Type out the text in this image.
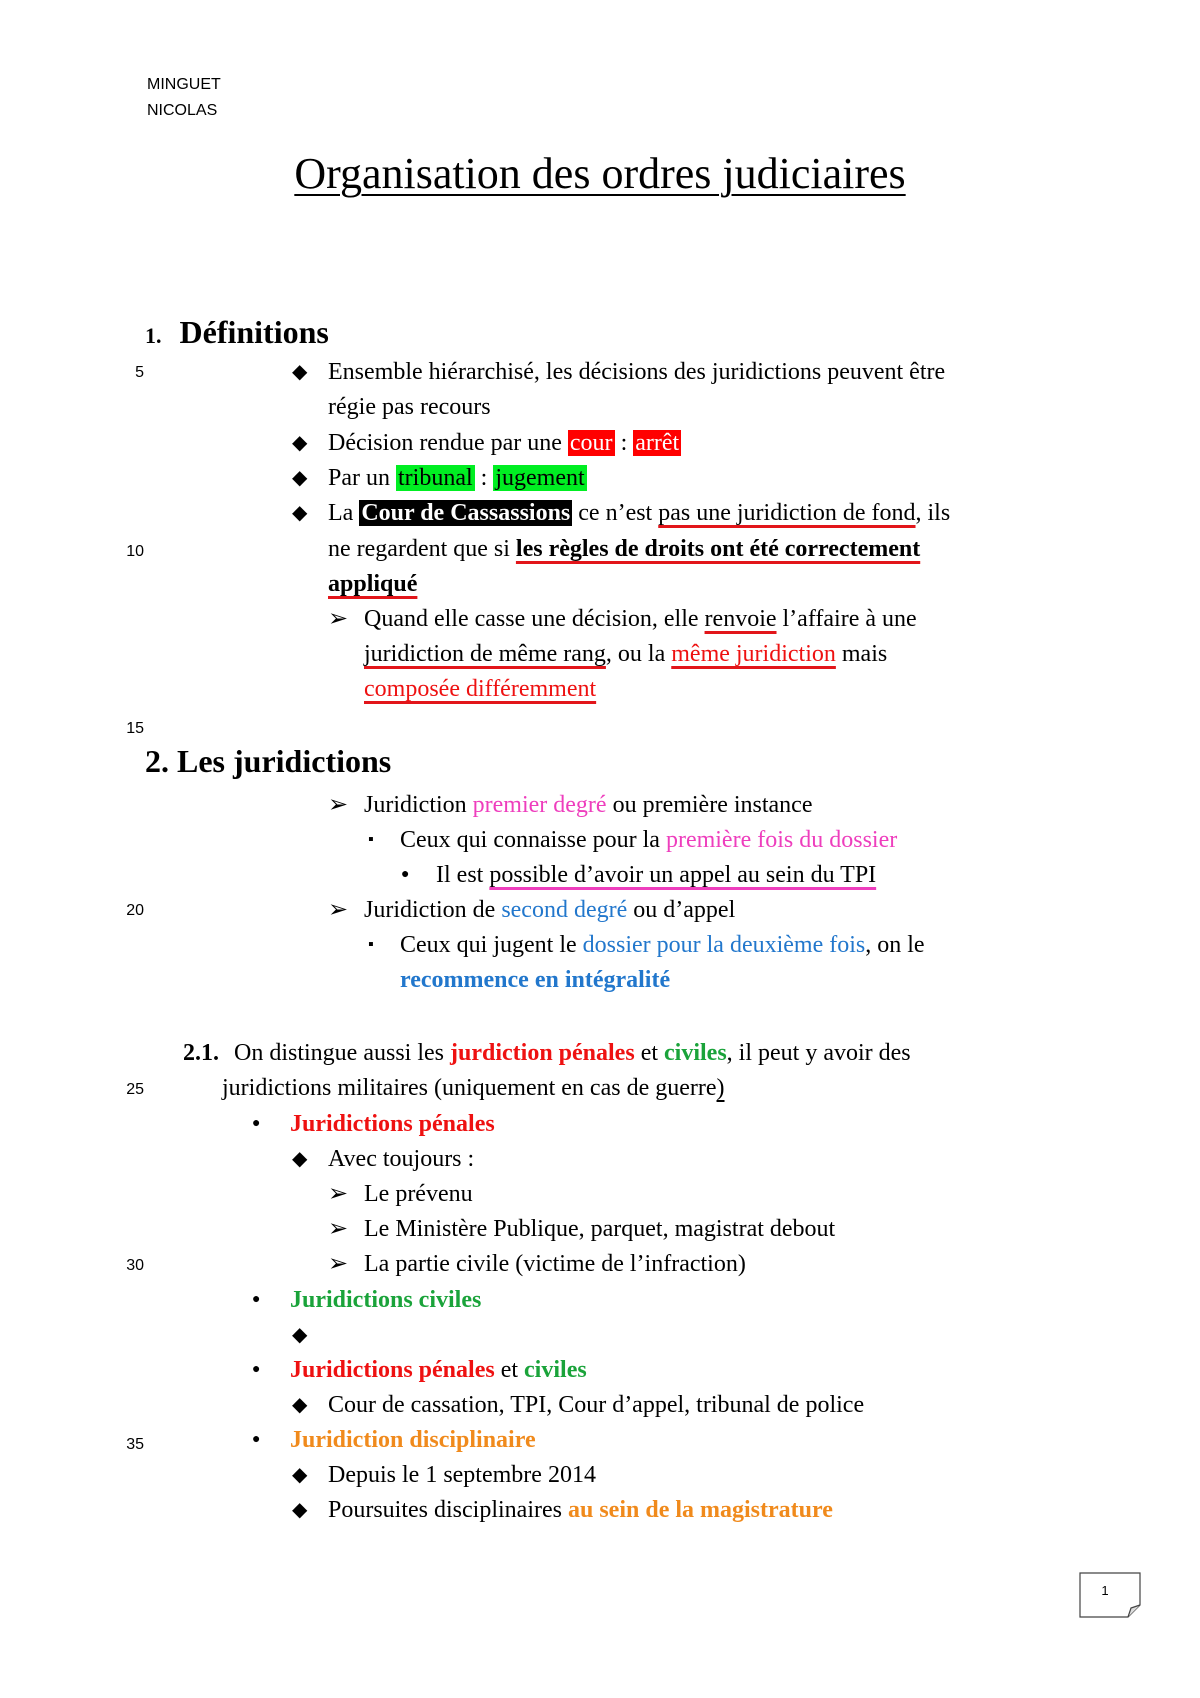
MINGUET
NICOLAS
Organisation des ordres judiciaires
5
10
15
20
25
30
35
1. Définitions
◆ Ensemble hiérarchisé, les décisions des juridictions peuvent être
régie pas recours
◆ Décision rendue par une cour : arrêt
◆ Par un tribunal : jugement
◆ La Cour de Cassassions ce n’est pas une juridiction de fond, ils
ne regardent que si les règles de droits ont été correctement
appliqué
➢ Quand elle casse une décision, elle renvoie l’affaire à une
juridiction de même rang, ou la même juridiction mais
composée différemment
2. Les juridictions
➢ Juridiction premier degré ou première instance
▪ Ceux qui connaisse pour la première fois du dossier
● Il est possible d’avoir un appel au sein du TPI
➢ Juridiction de second degré ou d’appel
▪ Ceux qui jugent le dossier pour la deuxième fois, on le
recommence en intégralité
2.1. On distingue aussi les jurdiction pénales et civiles, il peut y avoir des
juridictions militaires (uniquement en cas de guerre)
● Juridictions pénales
◆ Avec toujours :
➢ Le prévenu
➢ Le Ministère Publique, parquet, magistrat debout
➢ La partie civile (victime de l’infraction)
● Juridictions civiles
◆
● Juridictions pénales et civiles
◆ Cour de cassation, TPI, Cour d’appel, tribunal de police
● Juridiction disciplinaire
◆ Depuis le 1 septembre 2014
◆ Poursuites disciplinaires au sein de la magistrature
1
